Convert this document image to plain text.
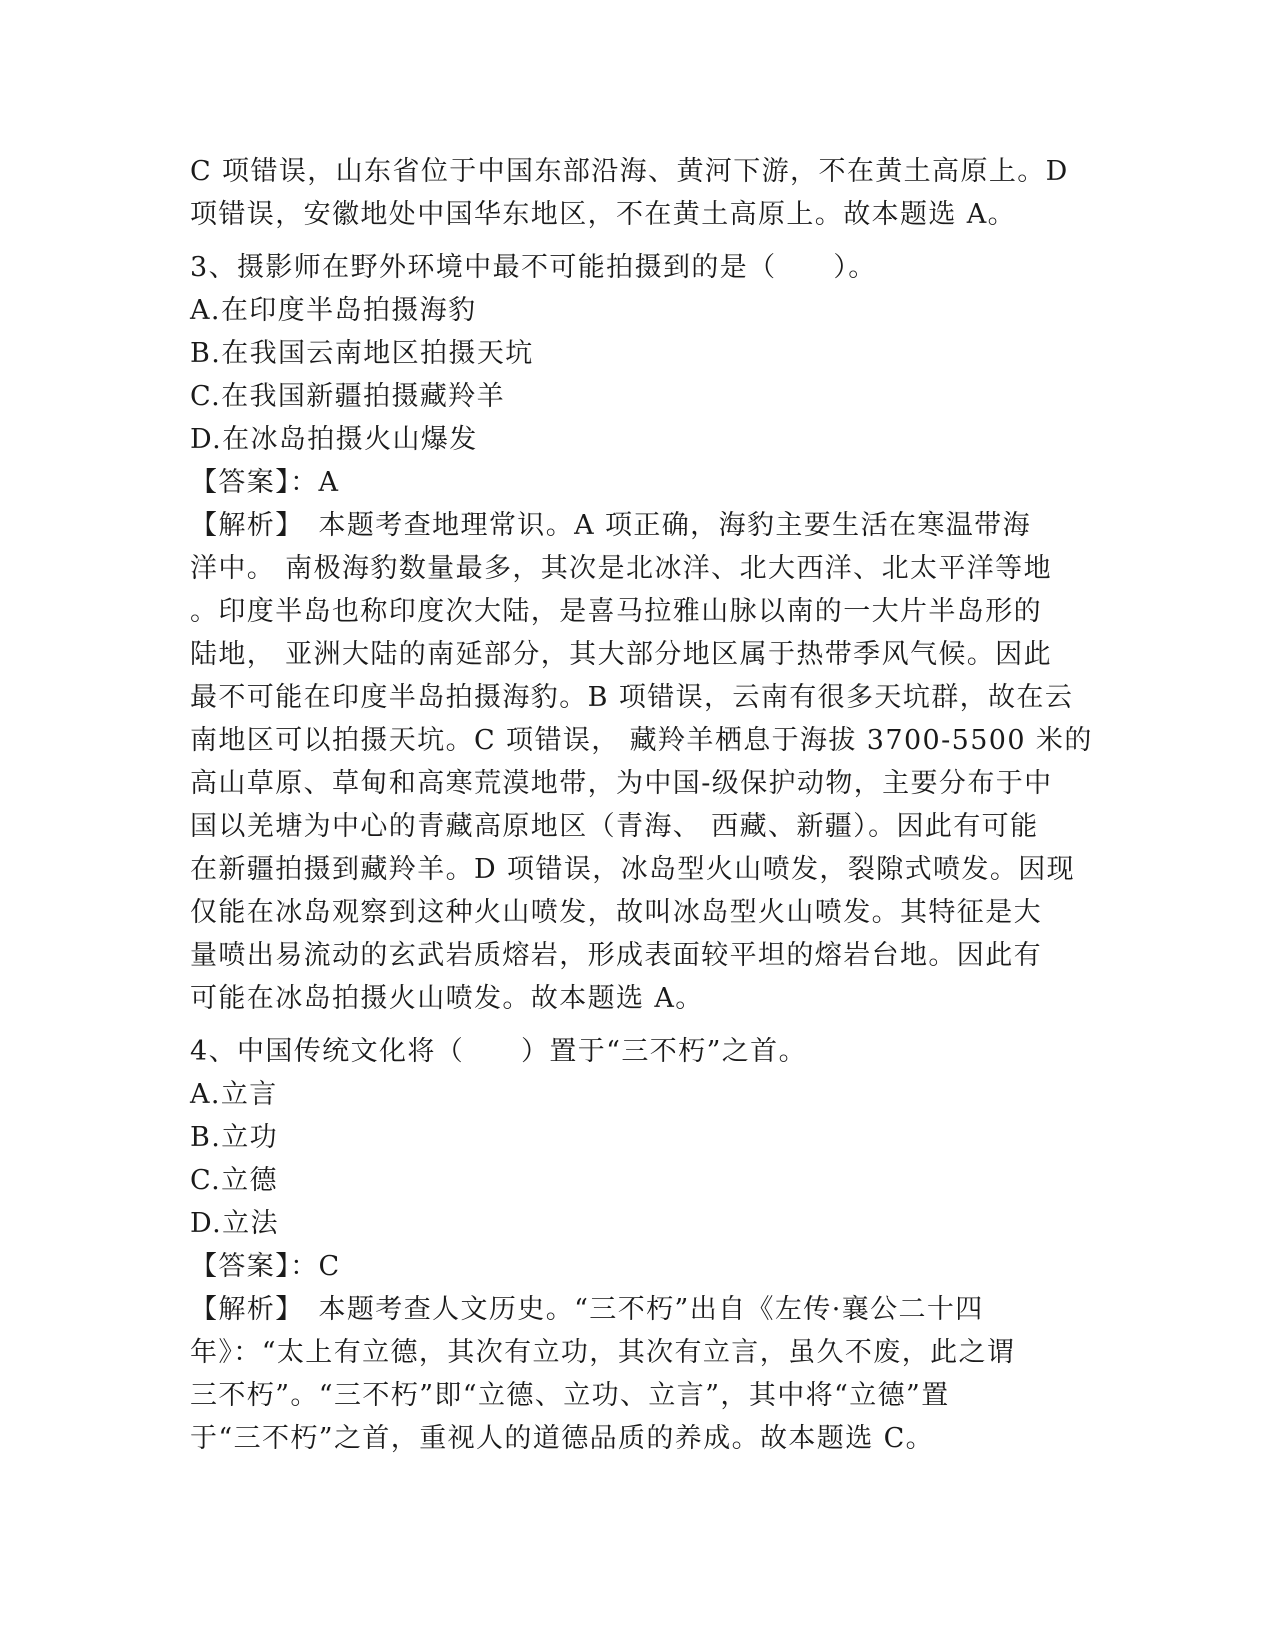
C 项错误，山东省位于中国东部沿海、黄河下游，不在黄土高原上。D
项错误，安徽地处中国华东地区，不在黄土高原上。故本题选 A。
3、摄影师在野外环境中最不可能拍摄到的是（　　）。
A.在印度半岛拍摄海豹
B.在我国云南地区拍摄天坑
C.在我国新疆拍摄藏羚羊
D.在冰岛拍摄火山爆发
【答案】：A
【解析】　本题考查地理常识。A 项正确，海豹主要生活在寒温带海
洋中。 南极海豹数量最多，其次是北冰洋、北大西洋、北太平洋等地
。印度半岛也称印度次大陆，是喜马拉雅山脉以南的一大片半岛形的
陆地， 亚洲大陆的南延部分，其大部分地区属于热带季风气候。因此
最不可能在印度半岛拍摄海豹。B 项错误，云南有很多天坑群，故在云
南地区可以拍摄天坑。C 项错误， 藏羚羊栖息于海拔 3700-5500 米的
高山草原、草甸和高寒荒漠地带，为中国-级保护动物，主要分布于中
国以羌塘为中心的青藏高原地区（青海、 西藏、新疆）。因此有可能
在新疆拍摄到藏羚羊。D 项错误，冰岛型火山喷发，裂隙式喷发。因现
仅能在冰岛观察到这种火山喷发，故叫冰岛型火山喷发。其特征是大
量喷出易流动的玄武岩质熔岩，形成表面较平坦的熔岩台地。因此有
可能在冰岛拍摄火山喷发。故本题选 A。
4、中国传统文化将（　　）置于“三不朽”之首。
A.立言
B.立功
C.立德
D.立法
【答案】：C
【解析】　本题考查人文历史。“三不朽”出自《左传·襄公二十四
年》：“太上有立德，其次有立功，其次有立言，虽久不废，此之谓
三不朽”。“三不朽”即“立德、立功、立言”，其中将“立德”置
于“三不朽”之首，重视人的道德品质的养成。故本题选 C。
